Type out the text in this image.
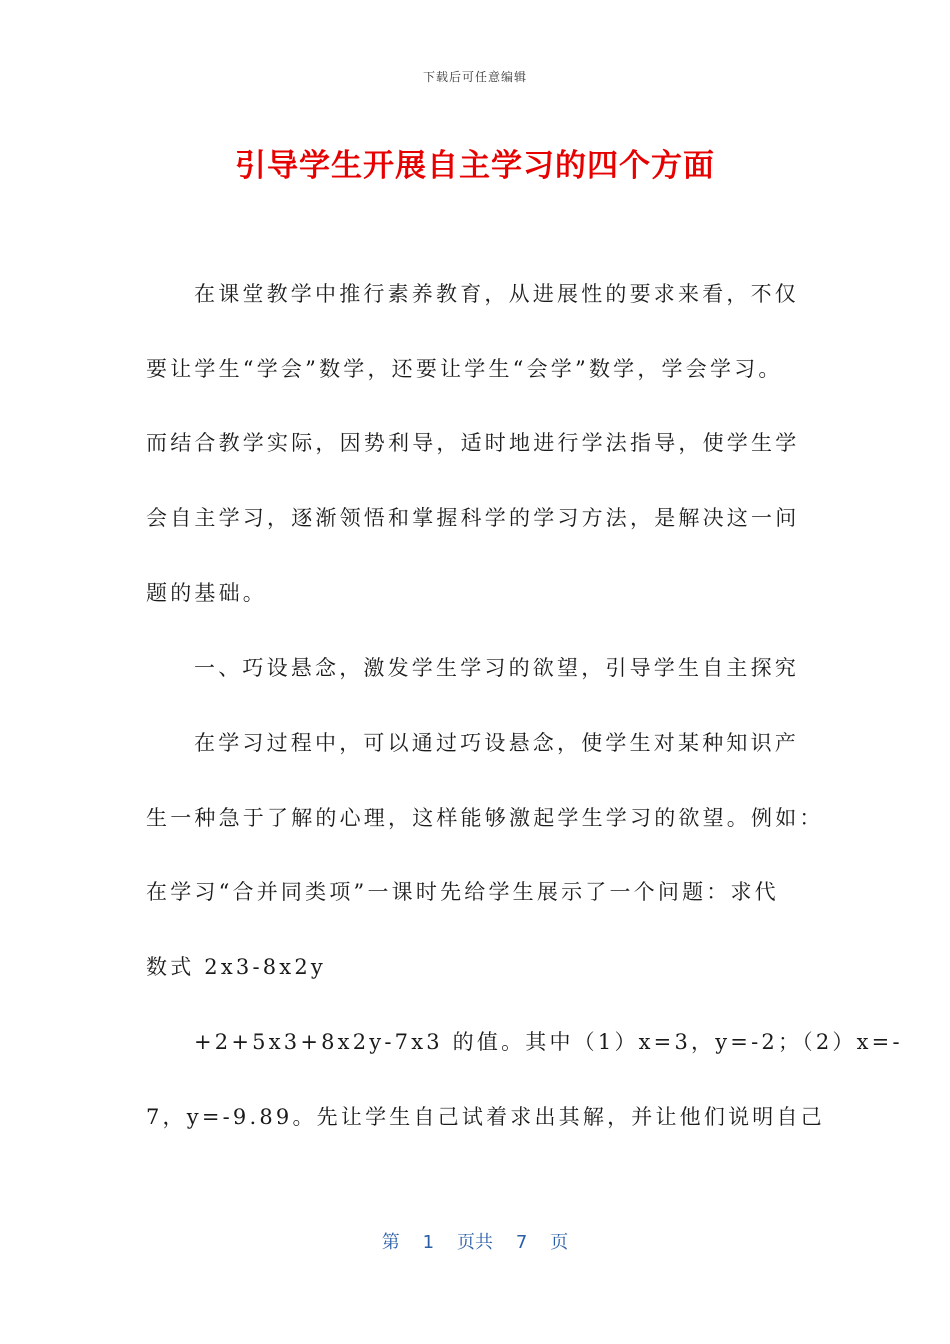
下载后可任意编辑
引导学生开展自主学习的四个方面
在课堂教学中推行素养教育，从进展性的要求来看，不仅
要让学生“学会”数学，还要让学生“会学”数学，学会学习。
而结合教学实际，因势利导，适时地进行学法指导，使学生学
会自主学习，逐渐领悟和掌握科学的学习方法，是解决这一问
题的基础。
一、巧设悬念，激发学生学习的欲望，引导学生自主探究
在学习过程中，可以通过巧设悬念，使学生对某种知识产
生一种急于了解的心理，这样能够激起学生学习的欲望。例如：
在学习“合并同类项”一课时先给学生展示了一个问题：求代
数式 2x3-8x2y
+2+5x3+8x2y-7x3 的值。其中（1）x=3，y=-2；（2）x=-
7，y=-9.89。先让学生自己试着求出其解，并让他们说明自己
第 1 页共 7 页
